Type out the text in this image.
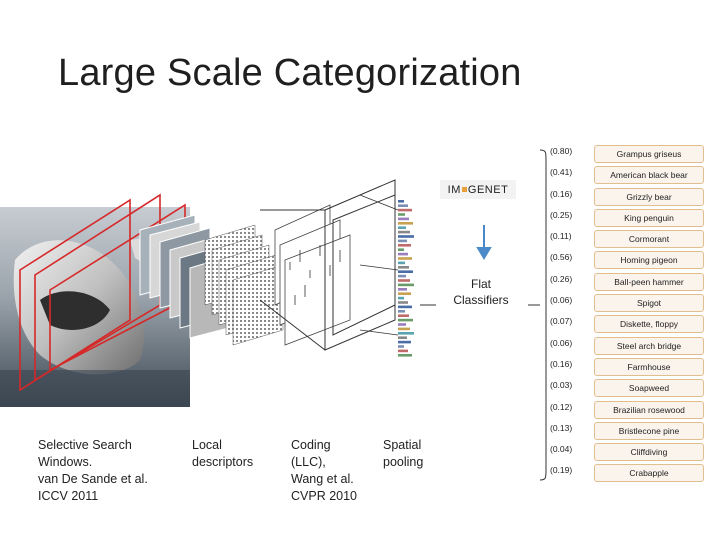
Large Scale Categorization
IM GENET
Flat
Classifiers
Selective Search
Windows.
van De Sande et al.
ICCV 2011
Local
descriptors
Coding
(LLC),
Wang et al.
CVPR 2010
Spatial
pooling
(0.80)	Grampus griseus
(0.41)	American black bear
(0.16)	Grizzly bear
(0.25)	King penguin
(0.11)	Cormorant
(0.56)	Homing pigeon
(0.26)	Ball-peen hammer
(0.06)	Spigot
(0.07)	Diskette, floppy
(0.06)	Steel arch bridge
(0.16)	Farmhouse
(0.03)	Soapweed
(0.12)	Brazilian rosewood
(0.13)	Bristlecone pine
(0.04)	Cliffdiving
(0.19)	Crabapple
